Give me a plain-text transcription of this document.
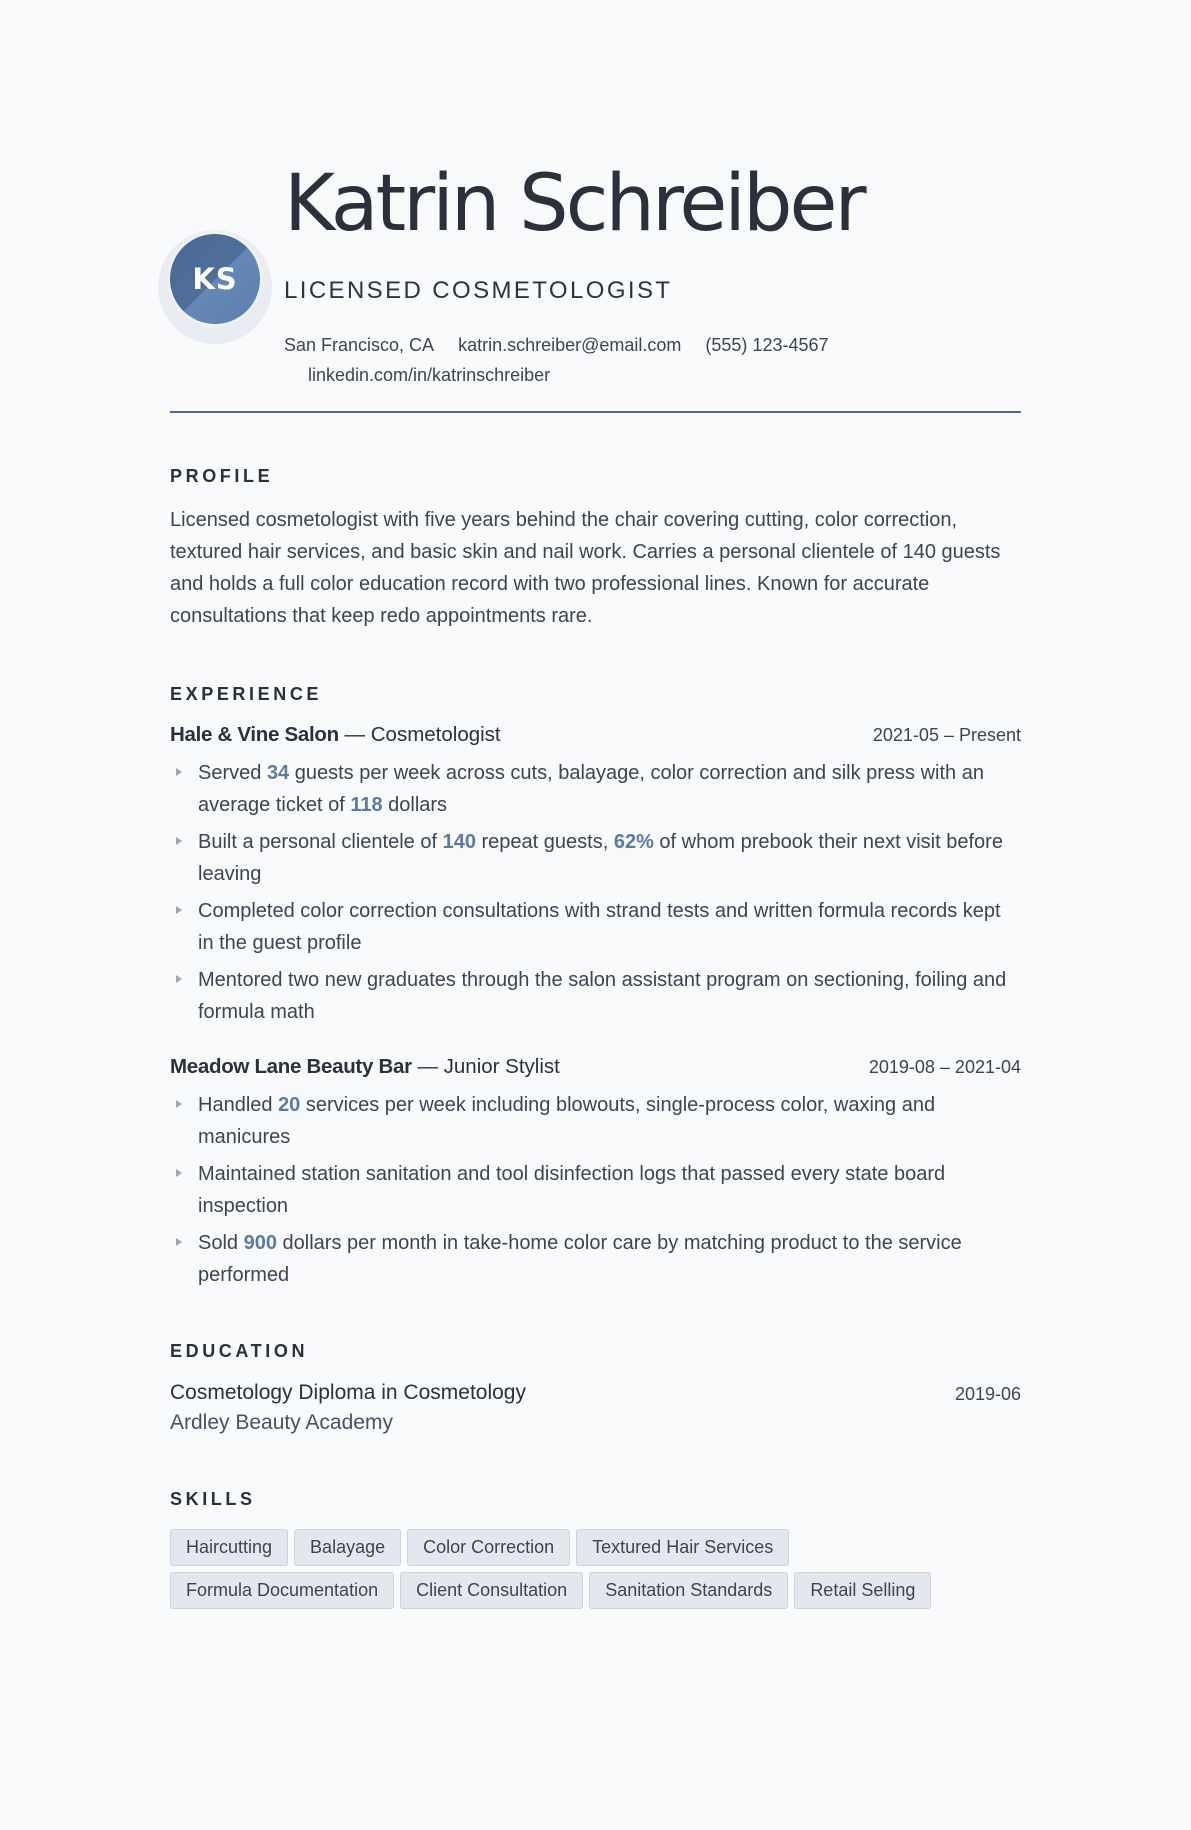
KS
Katrin Schreiber
LICENSED COSMETOLOGIST
San Francisco, CA katrin.schreiber@email.com (555) 123-4567
linkedin.com/in/katrinschreiber
PROFILE

Licensed cosmetologist with five years behind the chair covering cutting, color correction, textured hair services, and basic skin and nail work. Carries a personal clientele of 140 guests and holds a full color education record with two professional lines. Known for accurate consultations that keep redo appointments rare.

EXPERIENCE
Hale & Vine Salon — Cosmetologist	2021-05 – Present
Served 34 guests per week across cuts, balayage, color correction and silk press with an average ticket of 118 dollars
Built a personal clientele of 140 repeat guests, 62% of whom prebook their next visit before leaving
Completed color correction consultations with strand tests and written formula records kept in the guest profile
Mentored two new graduates through the salon assistant program on sectioning, foiling and formula math
Meadow Lane Beauty Bar — Junior Stylist	2019-08 – 2021-04
Handled 20 services per week including blowouts, single-process color, waxing and manicures
Maintained station sanitation and tool disinfection logs that passed every state board inspection
Sold 900 dollars per month in take-home color care by matching product to the service performed
EDUCATION
Cosmetology Diploma in Cosmetology	2019-06
Ardley Beauty Academy
SKILLS
Haircutting	Balayage	Color Correction	Textured Hair Services
Formula Documentation	Client Consultation	Sanitation Standards	Retail Selling
